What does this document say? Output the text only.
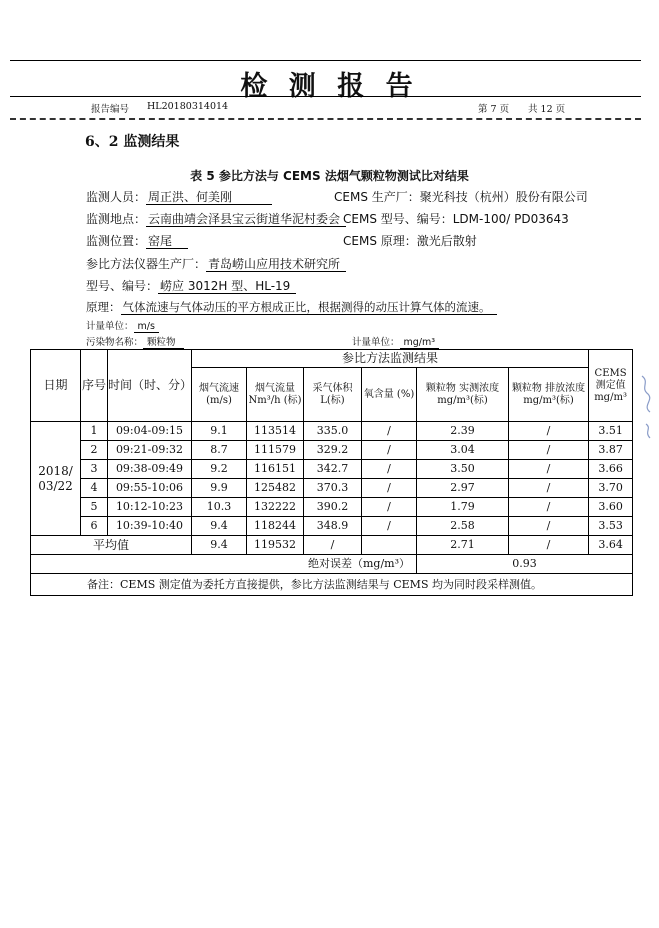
检 测 报 告
报告编号 HL20180314014	第 7 页 共 12 页
6、2 监测结果
表 5 参比方法与 CEMS 法烟气颗粒物测试比对结果
监测人员： 周正洪、何美刚	CEMS 生产厂：聚光科技（杭州）股份有限公司
监测地点： 云南曲靖会泽县宝云街道华泥村委会 CEMS 型号、编号：LDM-100/ PD03643
监测位置： 窑尾	CEMS 原理：激光后散射
参比方法仪器生产厂： 青岛崂山应用技术研究所
型号、编号： 崂应 3012H 型、HL-19
原理： 气体流速与气体动压的平方根成正比，根据测得的动压计算气体的流速。
计量单位： m/s
污染物名称： 颗粒物	计量单位： mg/m³
日期	序号	时间（时、分）	参比方法监测结果						CEMS 测定值 mg/m³
			烟气流速 (m/s)	烟气流量 Nm³/h (标)	采气体积 L(标)	氧含量 (%)	颗粒物 实测浓度 mg/m³(标)	颗粒物 排放浓度 mg/m³(标)	
2018/ 03/22	1	09:04-09:15	9.1	113514	335.0	/	2.39	/	3.51
	2	09:21-09:32	8.7	111579	329.2	/	3.04	/	3.87
	3	09:38-09:49	9.2	116151	342.7	/	3.50	/	3.66
	4	09:55-10:06	9.9	125482	370.3	/	2.97	/	3.70
	5	10:12-10:23	10.3	132222	390.2	/	1.79	/	3.60
	6	10:39-10:40	9.4	118244	348.9	/	2.58	/	3.53
平均值			9.4	119532	/		2.71	/	3.64
绝对误差（mg/m³）							0.93		
备注：CEMS 测定值为委托方直接提供，参比方法监测结果与 CEMS 均为同时段采样测值。									
